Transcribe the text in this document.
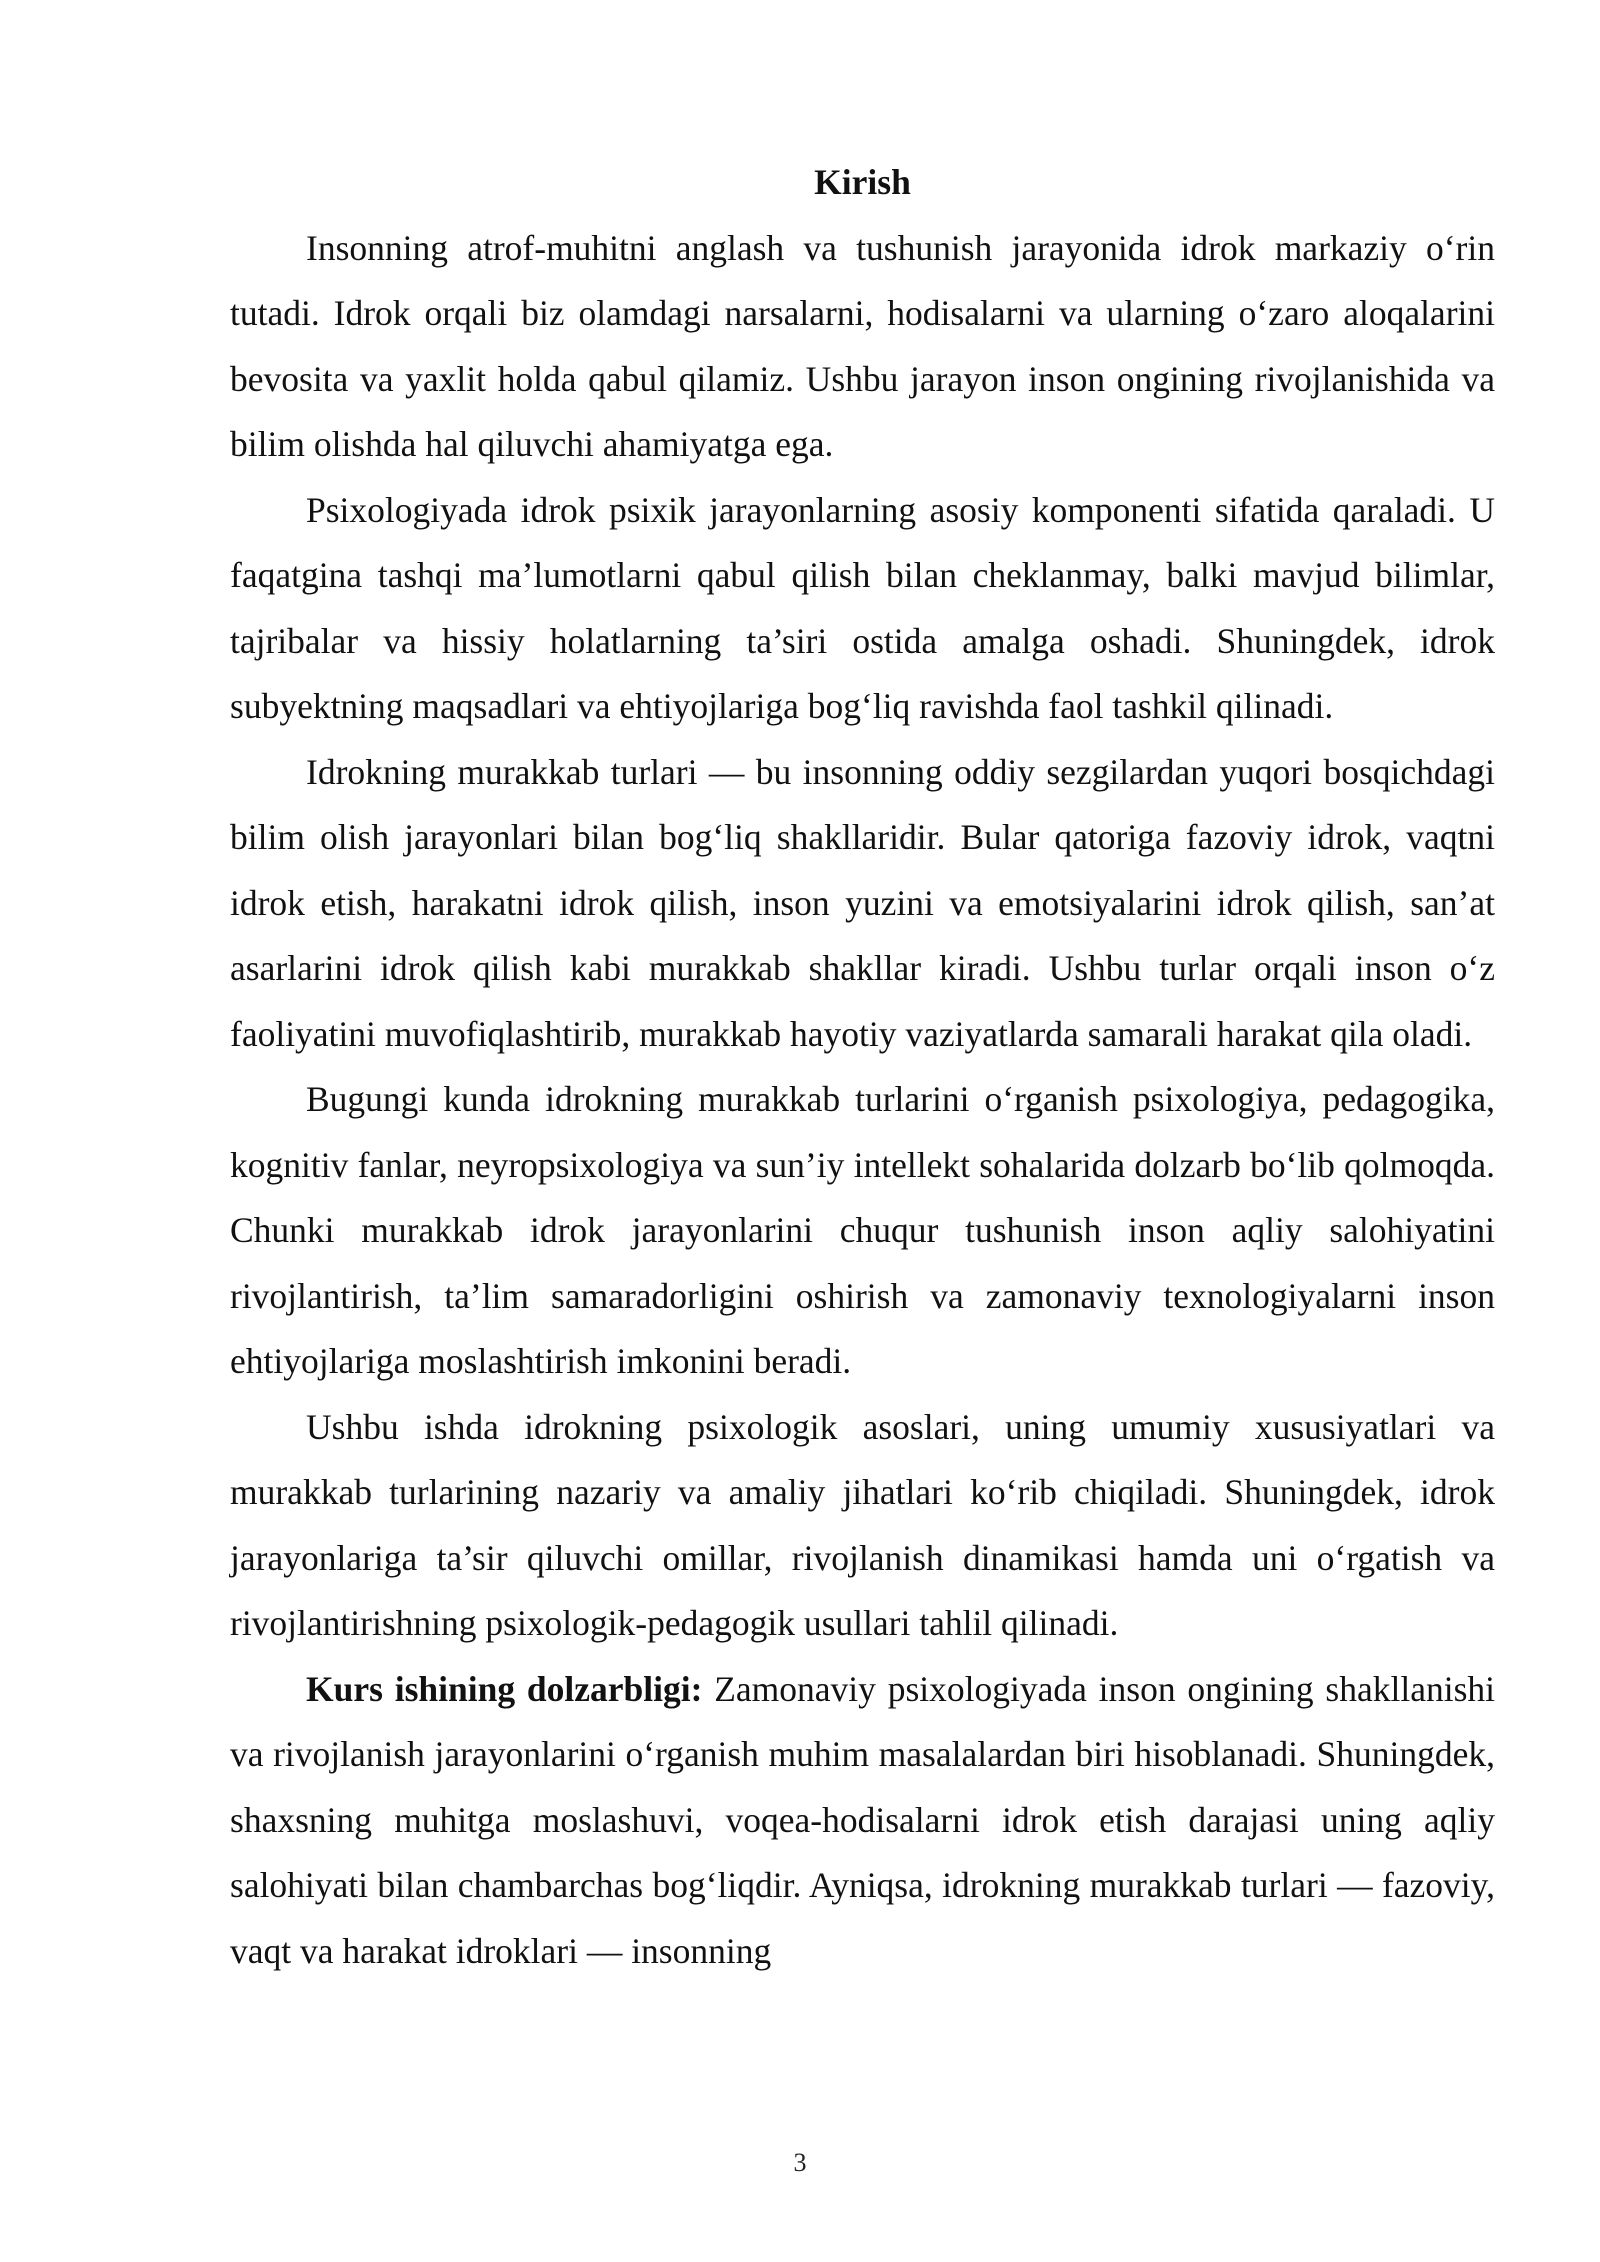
Kirish

Insonning atrof-muhitni anglash va tushunish jarayonida idrok markaziy o‘rin tutadi. Idrok orqali biz olamdagi narsalarni, hodisalarni va ularning o‘zaro aloqalarini bevosita va yaxlit holda qabul qilamiz. Ushbu jarayon inson ongining rivojlanishida va bilim olishda hal qiluvchi ahamiyatga ega.

Psixologiyada idrok psixik jarayonlarning asosiy komponenti sifatida qaraladi. U faqatgina tashqi ma’lumotlarni qabul qilish bilan cheklanmay, balki mavjud bilimlar, tajribalar va hissiy holatlarning ta’siri ostida amalga oshadi. Shuningdek, idrok subyektning maqsadlari va ehtiyojlariga bog‘liq ravishda faol tashkil qilinadi.

Idrokning murakkab turlari — bu insonning oddiy sezgilardan yuqori bosqichdagi bilim olish jarayonlari bilan bog‘liq shakllaridir. Bular qatoriga fazoviy idrok, vaqtni idrok etish, harakatni idrok qilish, inson yuzini va emotsiyalarini idrok qilish, san’at asarlarini idrok qilish kabi murakkab shakllar kiradi. Ushbu turlar orqali inson o‘z faoliyatini muvofiqlashtirib, murakkab hayotiy vaziyatlarda samarali harakat qila oladi.

Bugungi kunda idrokning murakkab turlarini o‘rganish psixologiya, pedagogika, kognitiv fanlar, neyropsixologiya va sun’iy intellekt sohalarida dolzarb bo‘lib qolmoqda. Chunki murakkab idrok jarayonlarini chuqur tushunish inson aqliy salohiyatini rivojlantirish, ta’lim samaradorligini oshirish va zamonaviy texnologiyalarni inson ehtiyojlariga moslashtirish imkonini beradi.

Ushbu ishda idrokning psixologik asoslari, uning umumiy xususiyatlari va murakkab turlarining nazariy va amaliy jihatlari ko‘rib chiqiladi. Shuningdek, idrok jarayonlariga ta’sir qiluvchi omillar, rivojlanish dinamikasi hamda uni o‘rgatish va rivojlantirishning psixologik-pedagogik usullari tahlil qilinadi.

Kurs ishining dolzarbligi: Zamonaviy psixologiyada inson ongining shakllanishi va rivojlanish jarayonlarini o‘rganish muhim masalalardan biri hisoblanadi. Shuningdek, shaxsning muhitga moslashuvi, voqea-hodisalarni idrok etish darajasi uning aqliy salohiyati bilan chambarchas bog‘liqdir. Ayniqsa, idrokning murakkab turlari — fazoviy, vaqt va harakat idroklari — insonning

3
